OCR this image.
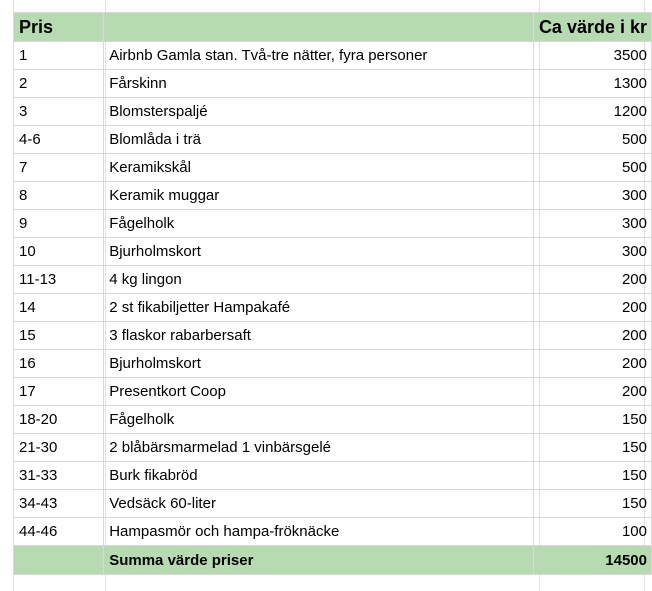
Pris		Ca värde i kr
1	Airbnb Gamla stan. Två-tre nätter, fyra personer	3500
2	Fårskinn	1300
3	Blomsterspaljé	1200
4-6	Blomlåda i trä	500
7	Keramikskål	500
8	Keramik muggar	300
9	Fågelholk	300
10	Bjurholmskort	300
11-13	4 kg lingon	200
14	2 st fikabiljetter Hampakafé	200
15	3 flaskor rabarbersaft	200
16	Bjurholmskort	200
17	Presentkort Coop	200
18-20	Fågelholk	150
21-30	2 blåbärsmarmelad 1 vinbärsgelé	150
31-33	Burk fikabröd	150
34-43	Vedsäck 60-liter	150
44-46	Hampasmör och hampa-fröknäcke	100
	Summa värde priser	14500
